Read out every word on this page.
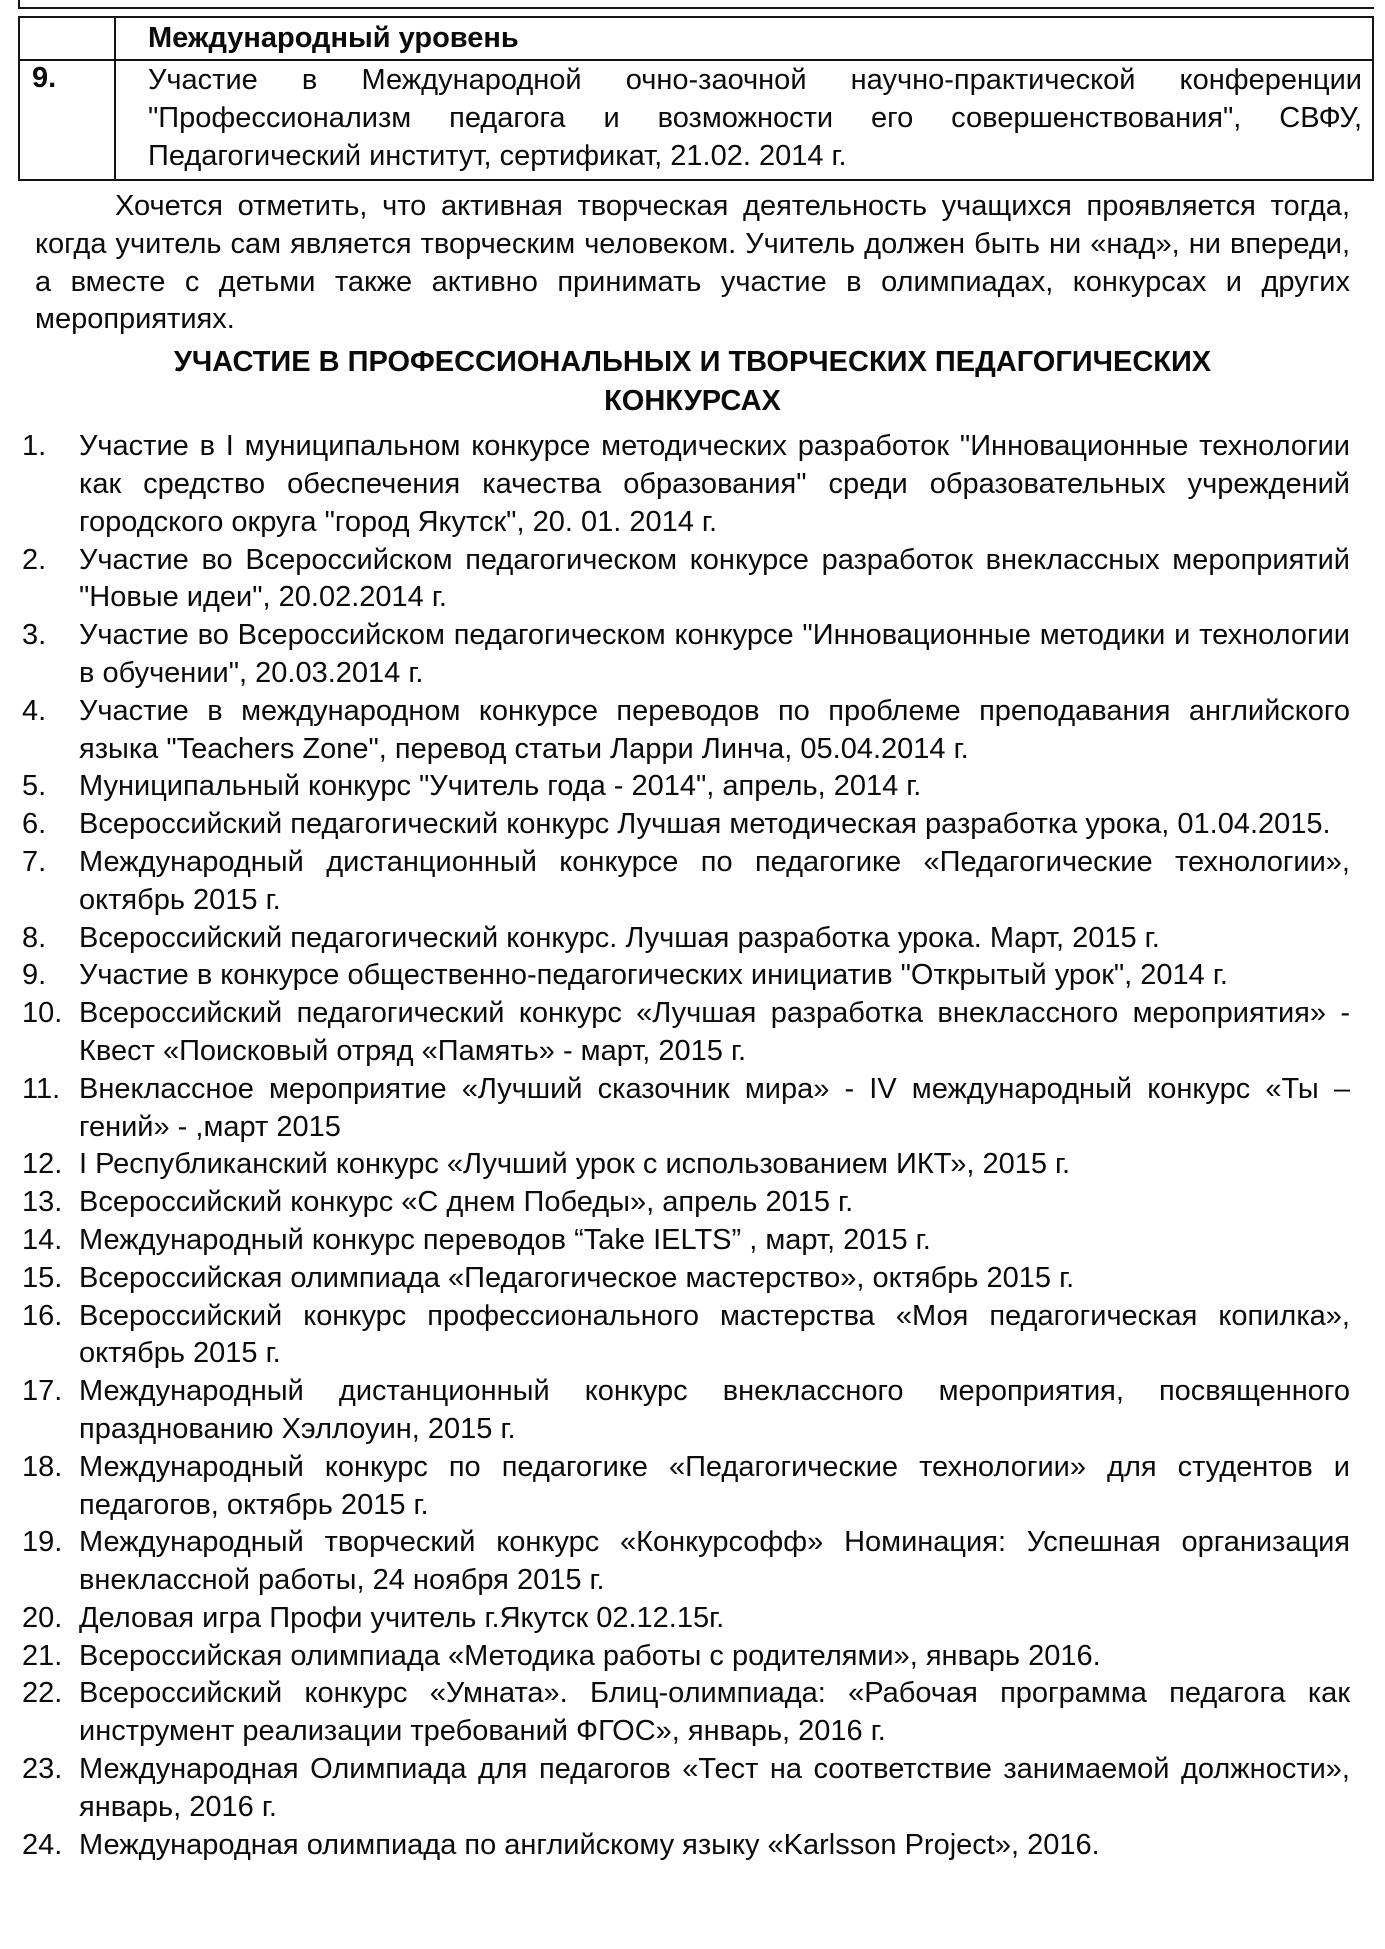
Международный уровень
9.	Участие в Международной очно-заочной научно-практической конференции "Профессионализм педагога и возможности его совершенствования", СВФУ, Педагогический институт, сертификат, 21.02. 2014 г.
Хочется отметить, что активная творческая деятельность учащихся проявляется тогда, когда учитель сам является творческим человеком. Учитель должен быть ни «над», ни впереди, а вместе с детьми также активно принимать участие в олимпиадах, конкурсах и других мероприятиях.
УЧАСТИЕ В ПРОФЕССИОНАЛЬНЫХ И ТВОРЧЕСКИХ ПЕДАГОГИЧЕСКИХ
КОНКУРСАХ
1. Участие в I муниципальном конкурсе методических разработок "Инновационные технологии как средство обеспечения качества образования" среди образовательных учреждений городского округа "город Якутск", 20. 01. 2014 г.
2. Участие во Всероссийском педагогическом конкурсе разработок внеклассных мероприятий "Новые идеи", 20.02.2014 г.
3. Участие во Всероссийском педагогическом конкурсе "Инновационные методики и технологии в обучении", 20.03.2014 г.
4. Участие в международном конкурсе переводов по проблеме преподавания английского языка "Teachers Zone", перевод статьи Ларри Линча, 05.04.2014 г.
5. Муниципальный конкурс "Учитель года - 2014", апрель, 2014 г.
6. Всероссийский педагогический конкурс Лучшая методическая разработка урока, 01.04.2015.
7. Международный дистанционный конкурсе по педагогике «Педагогические технологии», октябрь 2015 г.
8. Всероссийский педагогический конкурс. Лучшая разработка урока. Март, 2015 г.
9. Участие в конкурсе общественно-педагогических инициатив "Открытый урок", 2014 г.
10. Всероссийский педагогический конкурс «Лучшая разработка внеклассного мероприятия» - Квест «Поисковый отряд «Память» - март, 2015 г.
11. Внеклассное мероприятие «Лучший сказочник мира» - IV международный конкурс «Ты – гений» - ,март 2015
12. I Республиканский конкурс «Лучший урок с использованием ИКТ», 2015 г.
13. Всероссийский конкурс «С днем Победы», апрель 2015 г.
14. Международный конкурс переводов “Take IELTS” , март, 2015 г.
15. Всероссийская олимпиада «Педагогическое мастерство», октябрь 2015 г.
16. Всероссийский конкурс профессионального мастерства «Моя педагогическая копилка», октябрь 2015 г.
17. Международный дистанционный конкурс внеклассного мероприятия, посвященного празднованию Хэллоуин, 2015 г.
18. Международный конкурс по педагогике «Педагогические технологии» для студентов и педагогов, октябрь 2015 г.
19. Международный творческий конкурс «Конкурсофф» Номинация: Успешная организация внеклассной работы, 24 ноября 2015 г.
20. Деловая игра Профи учитель г.Якутск 02.12.15г.
21. Всероссийская олимпиада «Методика работы с родителями», январь 2016.
22. Всероссийский конкурс «Умната». Блиц-олимпиада: «Рабочая программа педагога как инструмент реализации требований ФГОС», январь, 2016 г.
23. Международная Олимпиада для педагогов «Тест на соответствие занимаемой должности», январь, 2016 г.
24. Международная олимпиада по английскому языку «Karlsson Project», 2016.
